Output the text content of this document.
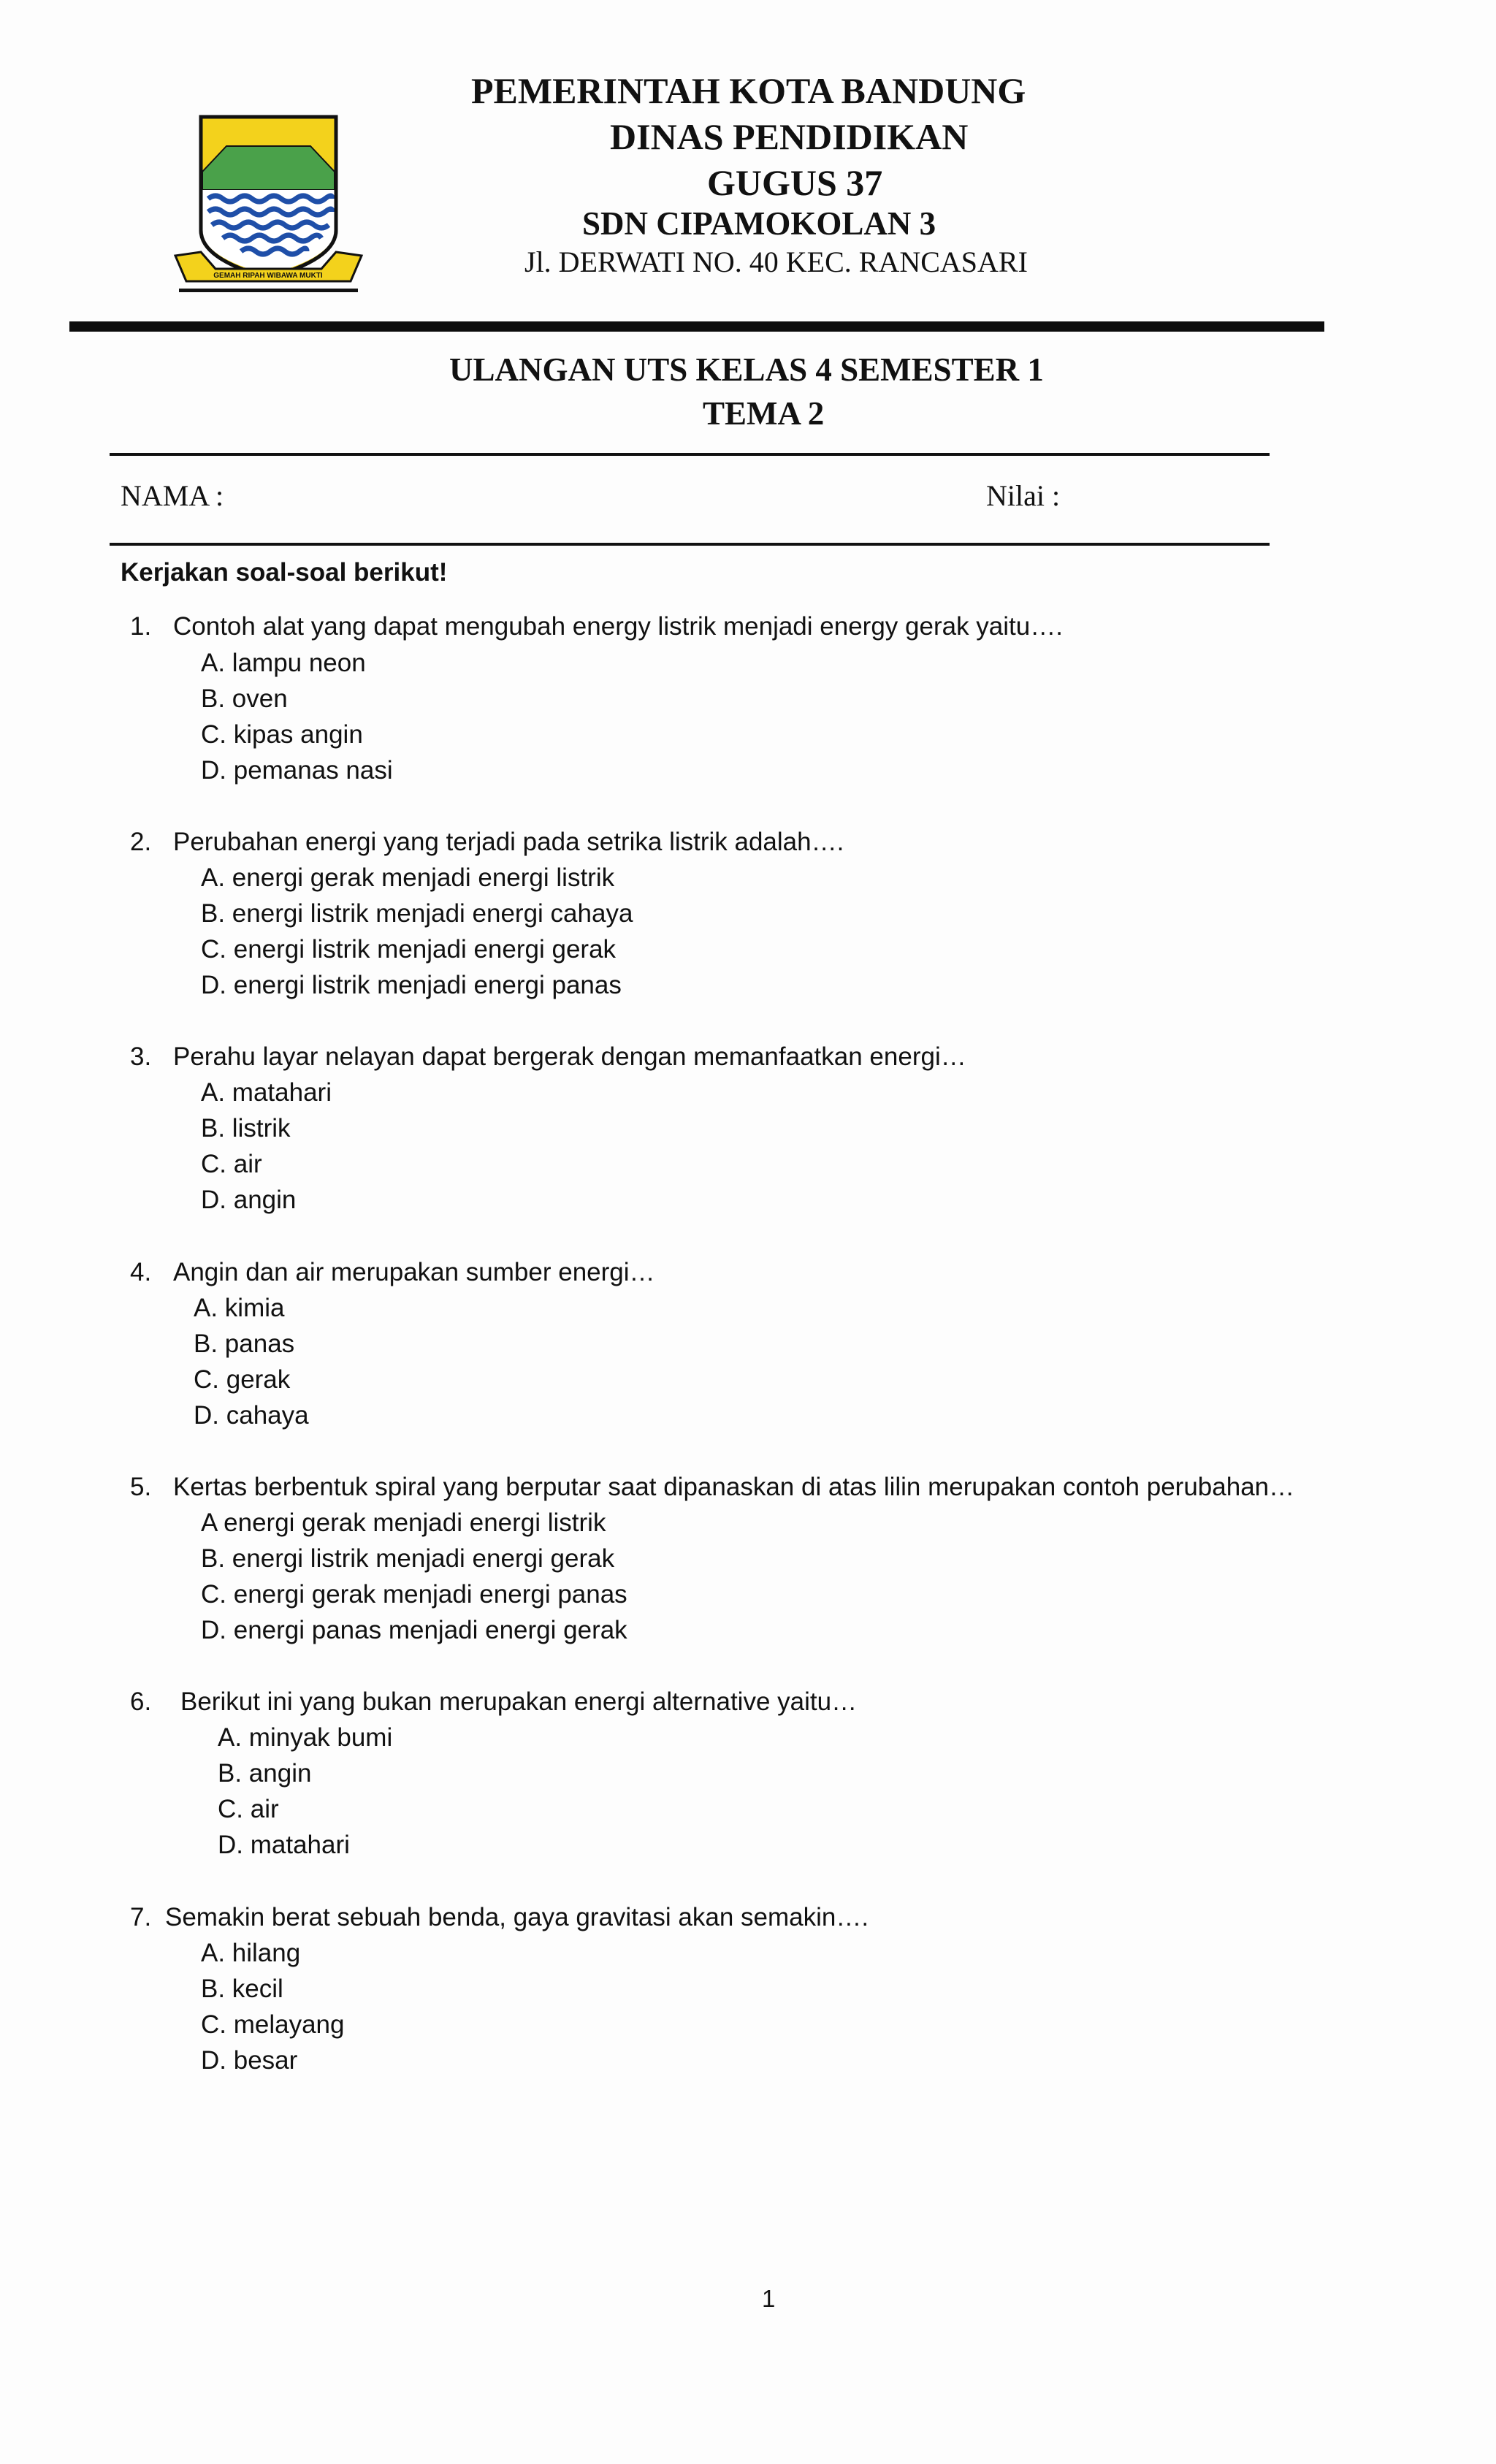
GEMAH RIPAH WIBAWA MUKTI
PEMERINTAH KOTA BANDUNG
DINAS PENDIDIKAN
GUGUS 37
SDN CIPAMOKOLAN 3
Jl. DERWATI NO. 40 KEC. RANCASARI
ULANGAN UTS KELAS 4 SEMESTER 1
TEMA 2
NAMA :	Nilai :
Kerjakan soal-soal berikut!
1. Contoh alat yang dapat mengubah energy listrik menjadi energy gerak yaitu….
A. lampu neon
B. oven
C. kipas angin
D. pemanas nasi
2. Perubahan energi yang terjadi pada setrika listrik adalah….
A. energi gerak menjadi energi listrik
B. energi listrik menjadi energi cahaya
C. energi listrik menjadi energi gerak
D. energi listrik menjadi energi panas
3. Perahu layar nelayan dapat bergerak dengan memanfaatkan energi…
A. matahari
B. listrik
C. air
D. angin
4. Angin dan air merupakan sumber energi…
A. kimia
B. panas
C. gerak
D. cahaya
5. Kertas berbentuk spiral yang berputar saat dipanaskan di atas lilin merupakan contoh perubahan…
A energi gerak menjadi energi listrik
B. energi listrik menjadi energi gerak
C. energi gerak menjadi energi panas
D. energi panas menjadi energi gerak
6. Berikut ini yang bukan merupakan energi alternative yaitu…
A. minyak bumi
B. angin
C. air
D. matahari
7. Semakin berat sebuah benda, gaya gravitasi akan semakin….
A. hilang
B. kecil
C. melayang
D. besar
1
